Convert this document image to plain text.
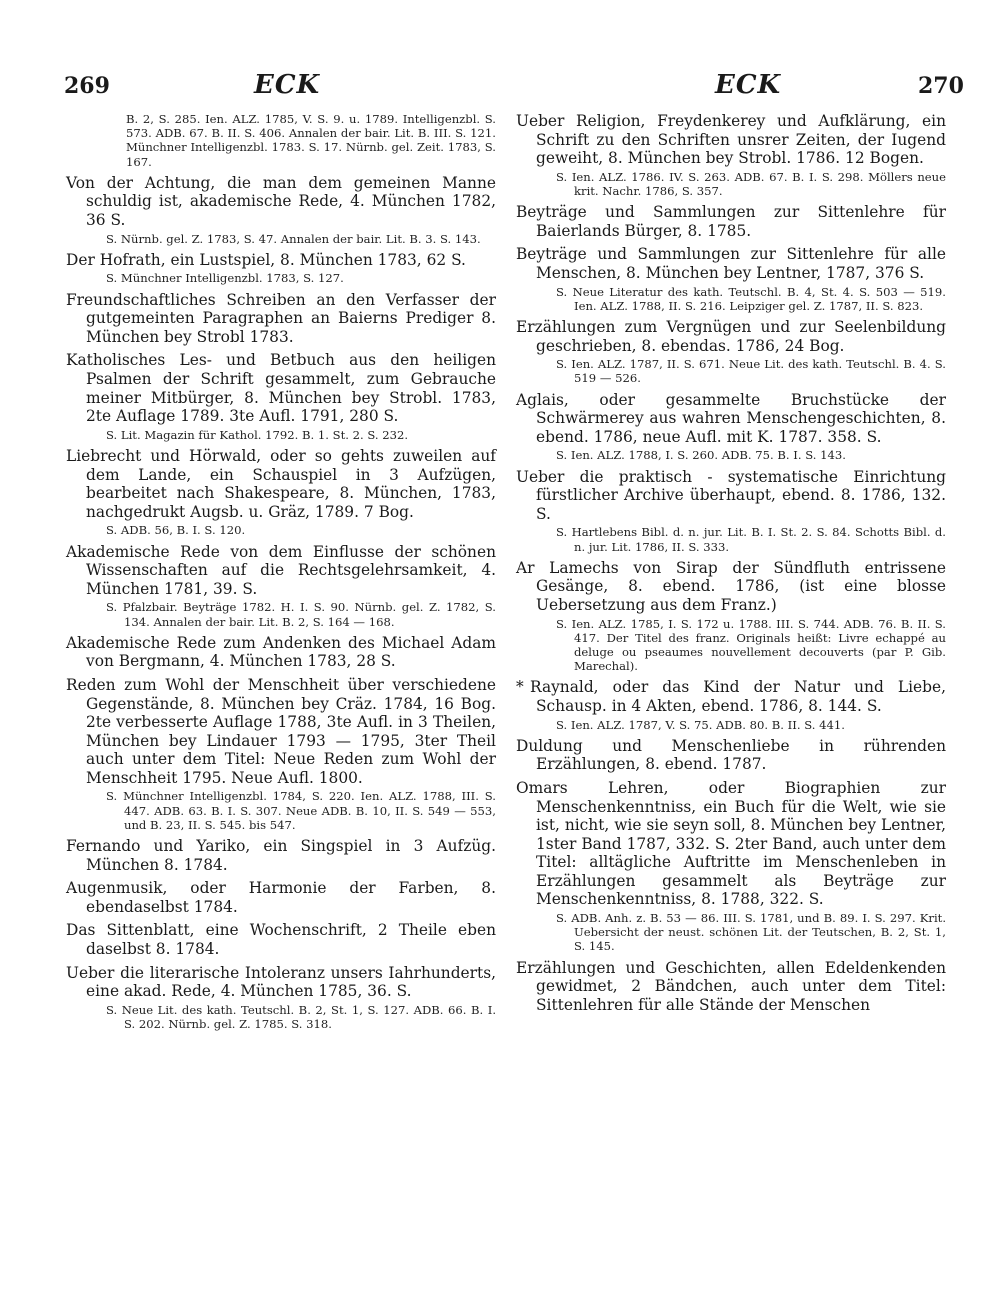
269	ECK	ECK	270
B. 2, S. 285. Ien. ALZ. 1785, V. S. 9. u. 1789. Intelligenzbl. S. 573. ADB. 67. B. II. S. 406. Annalen der bair. Lit. B. III. S. 121. Münchner Intelligenzbl. 1783. S. 17. Nürnb. gel. Zeit. 1783, S. 167.
Von der Achtung, die man dem gemeinen Manne schuldig ist, akademische Rede, 4. München 1782, 36 S.
S. Nürnb. gel. Z. 1783, S. 47. Annalen der bair. Lit. B. 3. S. 143.
Der Hofrath, ein Lustspiel, 8. München 1783, 62 S.
S. Münchner Intelligenzbl. 1783, S. 127.
Freundschaftliches Schreiben an den Verfasser der gutgemeinten Paragraphen an Baierns Prediger 8. München bey Strobl 1783.
Katholisches Les- und Betbuch aus den heiligen Psalmen der Schrift gesammelt, zum Gebrauche meiner Mitbürger, 8. München bey Strobl. 1783, 2te Auflage 1789. 3te Aufl. 1791, 280 S.
S. Lit. Magazin für Kathol. 1792. B. 1. St. 2. S. 232.
Liebrecht und Hörwald, oder so gehts zuweilen auf dem Lande, ein Schauspiel in 3 Aufzügen, bearbeitet nach Shakespeare, 8. München, 1783, nachgedrukt Augsb. u. Gräz, 1789. 7 Bog.
S. ADB. 56, B. I. S. 120.
Akademische Rede von dem Einflusse der schönen Wissenschaften auf die Rechtsgelehrsamkeit, 4. München 1781, 39. S.
S. Pfalzbair. Beyträge 1782. H. I. S. 90. Nürnb. gel. Z. 1782, S. 134. Annalen der bair. Lit. B. 2, S. 164 — 168.
Akademische Rede zum Andenken des Michael Adam von Bergmann, 4. München 1783, 28 S.
Reden zum Wohl der Menschheit über verschiedene Gegenstände, 8. München bey Cräz. 1784, 16 Bog. 2te verbesserte Auflage 1788, 3te Aufl. in 3 Theilen, München bey Lindauer 1793 — 1795, 3ter Theil auch unter dem Titel: Neue Reden zum Wohl der Menschheit 1795. Neue Aufl. 1800.
S. Münchner Intelligenzbl. 1784, S. 220. Ien. ALZ. 1788, III. S. 447. ADB. 63. B. I. S. 307. Neue ADB. B. 10, II. S. 549 — 553, und B. 23, II. S. 545. bis 547.
Fernando und Yariko, ein Singspiel in 3 Aufzüg. München 8. 1784.
Augenmusik, oder Harmonie der Farben, 8. ebendaselbst 1784.
Das Sittenblatt, eine Wochenschrift, 2 Theile eben daselbst 8. 1784.
Ueber die literarische Intoleranz unsers Iahrhunderts, eine akad. Rede, 4. München 1785, 36. S.
S. Neue Lit. des kath. Teutschl. B. 2, St. 1, S. 127. ADB. 66. B. I. S. 202. Nürnb. gel. Z. 1785. S. 318.
Ueber Religion, Freydenkerey und Aufklärung, ein Schrift zu den Schriften unsrer Zeiten, der Iugend geweiht, 8. München bey Strobl. 1786. 12 Bogen.
S. Ien. ALZ. 1786. IV. S. 263. ADB. 67. B. I. S. 298. Möllers neue krit. Nachr. 1786, S. 357.
Beyträge und Sammlungen zur Sittenlehre für Baierlands Bürger, 8. 1785.
Beyträge und Sammlungen zur Sittenlehre für alle Menschen, 8. München bey Lentner, 1787, 376 S.
S. Neue Literatur des kath. Teutschl. B. 4, St. 4. S. 503 — 519. Ien. ALZ. 1788, II. S. 216. Leipziger gel. Z. 1787, II. S. 823.
Erzählungen zum Vergnügen und zur Seelenbildung geschrieben, 8. ebendas. 1786, 24 Bog.
S. Ien. ALZ. 1787, II. S. 671. Neue Lit. des kath. Teutschl. B. 4. S. 519 — 526.
Aglais, oder gesammelte Bruchstücke der Schwärmerey aus wahren Menschengeschichten, 8. ebend. 1786, neue Aufl. mit K. 1787. 358. S.
S. Ien. ALZ. 1788, I. S. 260. ADB. 75. B. I. S. 143.
Ueber die praktisch - systematische Einrichtung fürstlicher Archive überhaupt, ebend. 8. 1786, 132. S.
S. Hartlebens Bibl. d. n. jur. Lit. B. I. St. 2. S. 84. Schotts Bibl. d. n. jur. Lit. 1786, II. S. 333.
Ar Lamechs von Sirap der Sündfluth entrissene Gesänge, 8. ebend. 1786, (ist eine blosse Uebersetzung aus dem Franz.)
S. Ien. ALZ. 1785, I. S. 172 u. 1788. III. S. 744. ADB. 76. B. II. S. 417. Der Titel des franz. Originals heißt: Livre echappé au deluge ou pseaumes nouvellement decouverts (par P. Gib. Marechal).
* Raynald, oder das Kind der Natur und Liebe, Schausp. in 4 Akten, ebend. 1786, 8. 144. S.
S. Ien. ALZ. 1787, V. S. 75. ADB. 80. B. II. S. 441.
Duldung und Menschenliebe in rührenden Erzählungen, 8. ebend. 1787.
Omars Lehren, oder Biographien zur Menschenkenntniss, ein Buch für die Welt, wie sie ist, nicht, wie sie seyn soll, 8. München bey Lentner, 1ster Band 1787, 332. S. 2ter Band, auch unter dem Titel: alltägliche Auftritte im Menschenleben in Erzählungen gesammelt als Beyträge zur Menschenkenntniss, 8. 1788, 322. S.
S. ADB. Anh. z. B. 53 — 86. III. S. 1781, und B. 89. I. S. 297. Krit. Uebersicht der neust. schönen Lit. der Teutschen, B. 2, St. 1, S. 145.
Erzählungen und Geschichten, allen Edeldenkenden gewidmet, 2 Bändchen, auch unter dem Titel: Sittenlehren für alle Stände der Menschen
